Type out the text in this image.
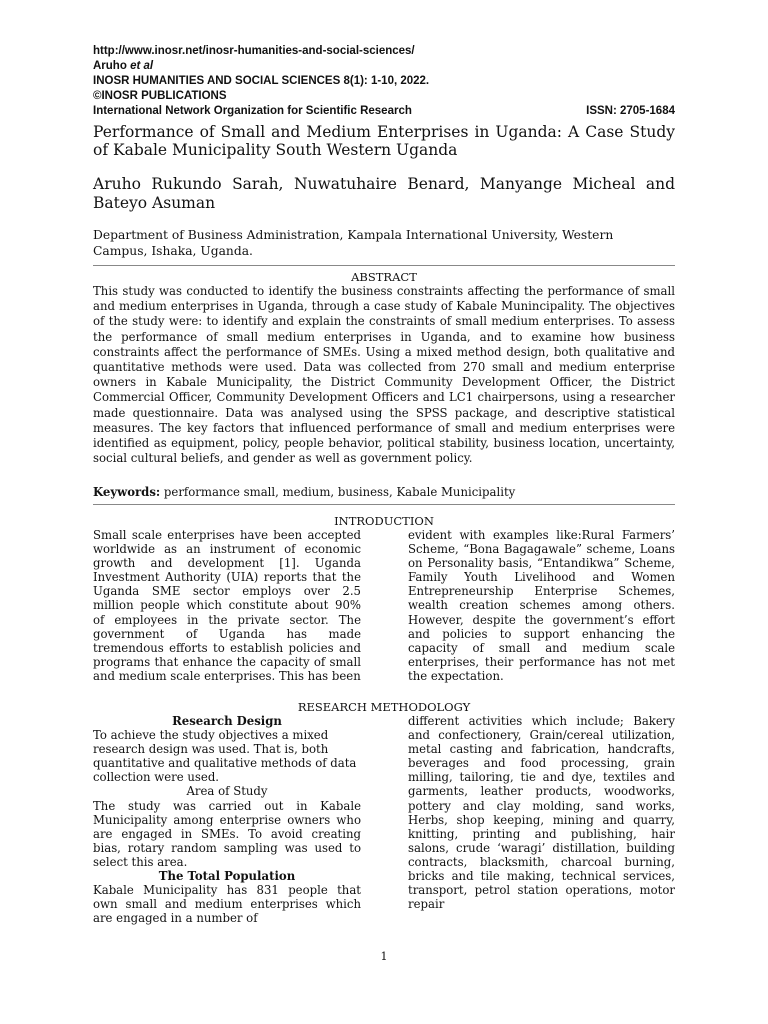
http://www.inosr.net/inosr-humanities-and-social-sciences/
Aruho et al
INOSR HUMANITIES AND SOCIAL SCIENCES 8(1): 1-10, 2022.
©INOSR PUBLICATIONS
International Network Organization for Scientific Research	ISSN: 2705-1684
Performance of Small and Medium Enterprises in Uganda: A Case Study of Kabale Municipality South Western Uganda
Aruho Rukundo Sarah, Nuwatuhaire Benard, Manyange Micheal and Bateyo Asuman
Department of Business Administration, Kampala International University, Western Campus, Ishaka, Uganda.
ABSTRACT

This study was conducted to identify the business constraints affecting the performance of small and medium enterprises in Uganda, through a case study of Kabale Munincipality. The objectives of the study were: to identify and explain the constraints of small medium enterprises. To assess the performance of small medium enterprises in Uganda, and to examine how business constraints affect the performance of SMEs. Using a mixed method design, both qualitative and quantitative methods were used. Data was collected from 270 small and medium enterprise owners in Kabale Municipality, the District Community Development Officer, the District Commercial Officer, Community Development Officers and LC1 chairpersons, using a researcher made questionnaire. Data was analysed using the SPSS package, and descriptive statistical measures. The key factors that influenced performance of small and medium enterprises were identified as equipment, policy, people behavior, political stability, business location, uncertainty, social cultural beliefs, and gender as well as government policy.

Keywords: performance small, medium, business, Kabale Municipality
INTRODUCTION

Small scale enterprises have been accepted worldwide as an instrument of economic growth and development [1]. Uganda Investment Authority (UIA) reports that the Uganda SME sector employs over 2.5 million people which constitute about 90% of employees in the private sector. The government of Uganda has made tremendous efforts to establish policies and programs that enhance the capacity of small and medium scale enterprises. This has been

evident with examples like:Rural Farmers’ Scheme, “Bona Bagagawale” scheme, Loans on Personality basis, “Entandikwa” Scheme, Family Youth Livelihood and Women Entrepreneurship Enterprise Schemes, wealth creation schemes among others. However, despite the government’s effort and policies to support enhancing the capacity of small and medium scale enterprises, their performance has not met the expectation.

RESEARCH METHODOLOGY

Research Design

To achieve the study objectives a mixed research design was used. That is, both quantitative and qualitative methods of data collection were used.

Area of Study

The study was carried out in Kabale Municipality among enterprise owners who are engaged in SMEs. To avoid creating bias, rotary random sampling was used to select this area.

The Total Population

Kabale Municipality has 831 people that own small and medium enterprises which are engaged in a number of

different activities which include; Bakery and confectionery, Grain/cereal utilization, metal casting and fabrication, handcrafts, beverages and food processing, grain milling, tailoring, tie and dye, textiles and garments, leather products, woodworks, pottery and clay molding, sand works, Herbs, shop keeping, mining and quarry, knitting, printing and publishing, hair salons, crude ‘waragi’ distillation, building contracts, blacksmith, charcoal burning, bricks and tile making, technical services, transport, petrol station operations, motor repair

1
